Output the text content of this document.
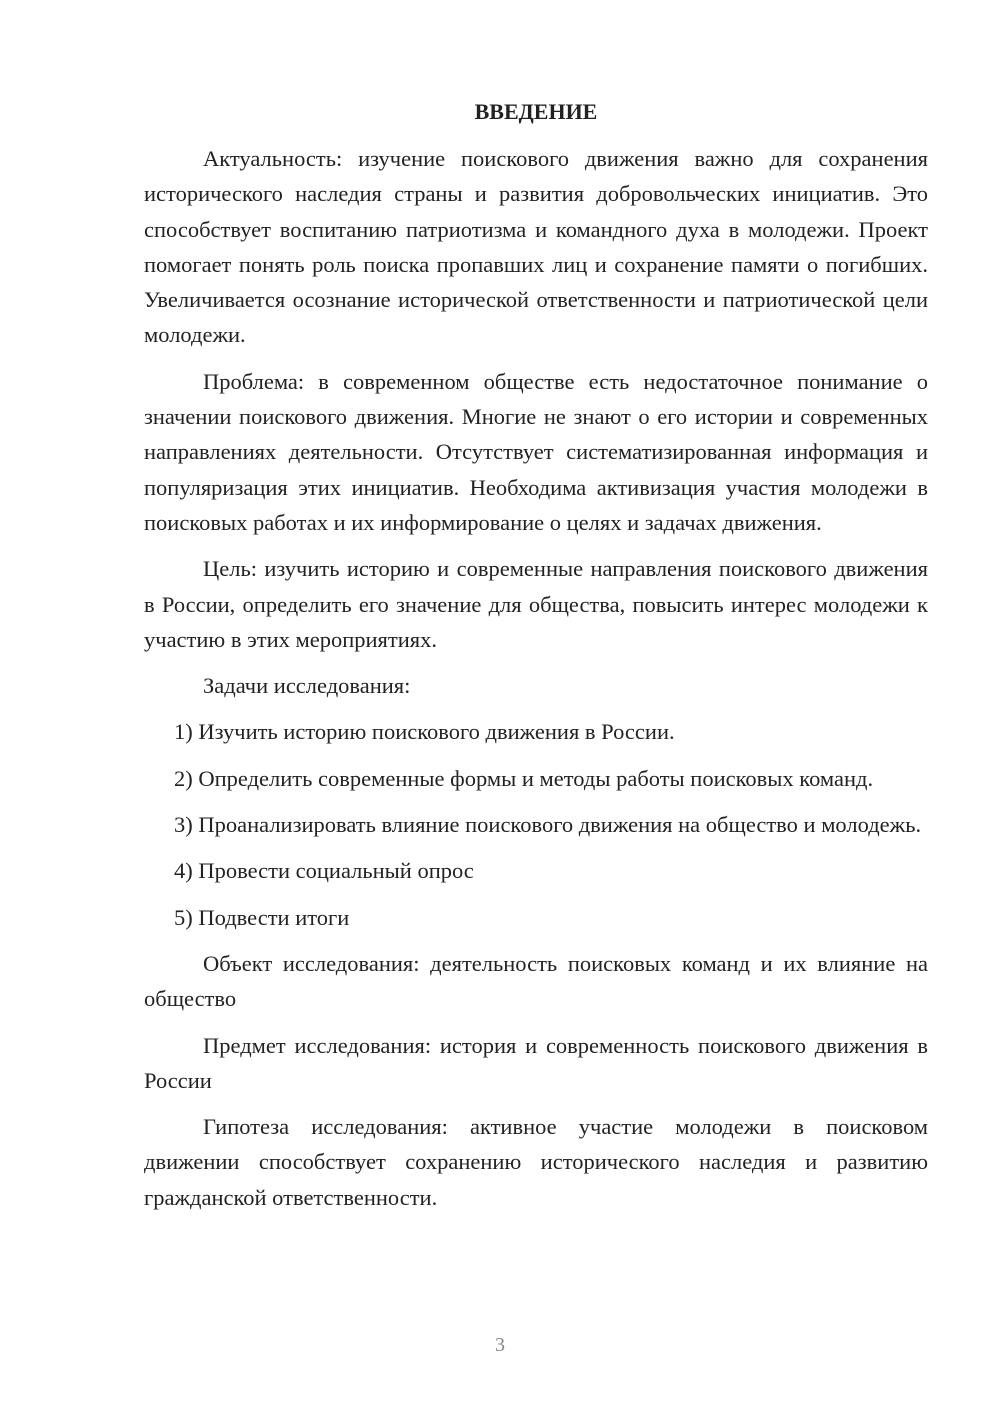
ВВЕДЕНИЕ

Актуальность: изучение поискового движения важно для сохранения исторического наследия страны и развития добровольческих инициатив. Это способствует воспитанию патриотизма и командного духа в молодежи. Проект помогает понять роль поиска пропавших лиц и сохранение памяти о погибших. Увеличивается осознание исторической ответственности и патриотической цели молодежи.

Проблема: в современном обществе есть недостаточное понимание о значении поискового движения. Многие не знают о его истории и современных направлениях деятельности. Отсутствует систематизированная информация и популяризация этих инициатив. Необходима активизация участия молодежи в поисковых работах и их информирование о целях и задачах движения.

Цель: изучить историю и современные направления поискового движения в России, определить его значение для общества, повысить интерес молодежи к участию в этих мероприятиях.

Задачи исследования:

1) Изучить историю поискового движения в России.

2) Определить современные формы и методы работы поисковых команд.

3) Проанализировать влияние поискового движения на общество и молодежь.

4) Провести социальный опрос

5) Подвести итоги

Объект исследования: деятельность поисковых команд и их влияние на общество

Предмет исследования: история и современность поискового движения в России

Гипотеза исследования: активное участие молодежи в поисковом движении способствует сохранению исторического наследия и развитию гражданской ответственности.

3
